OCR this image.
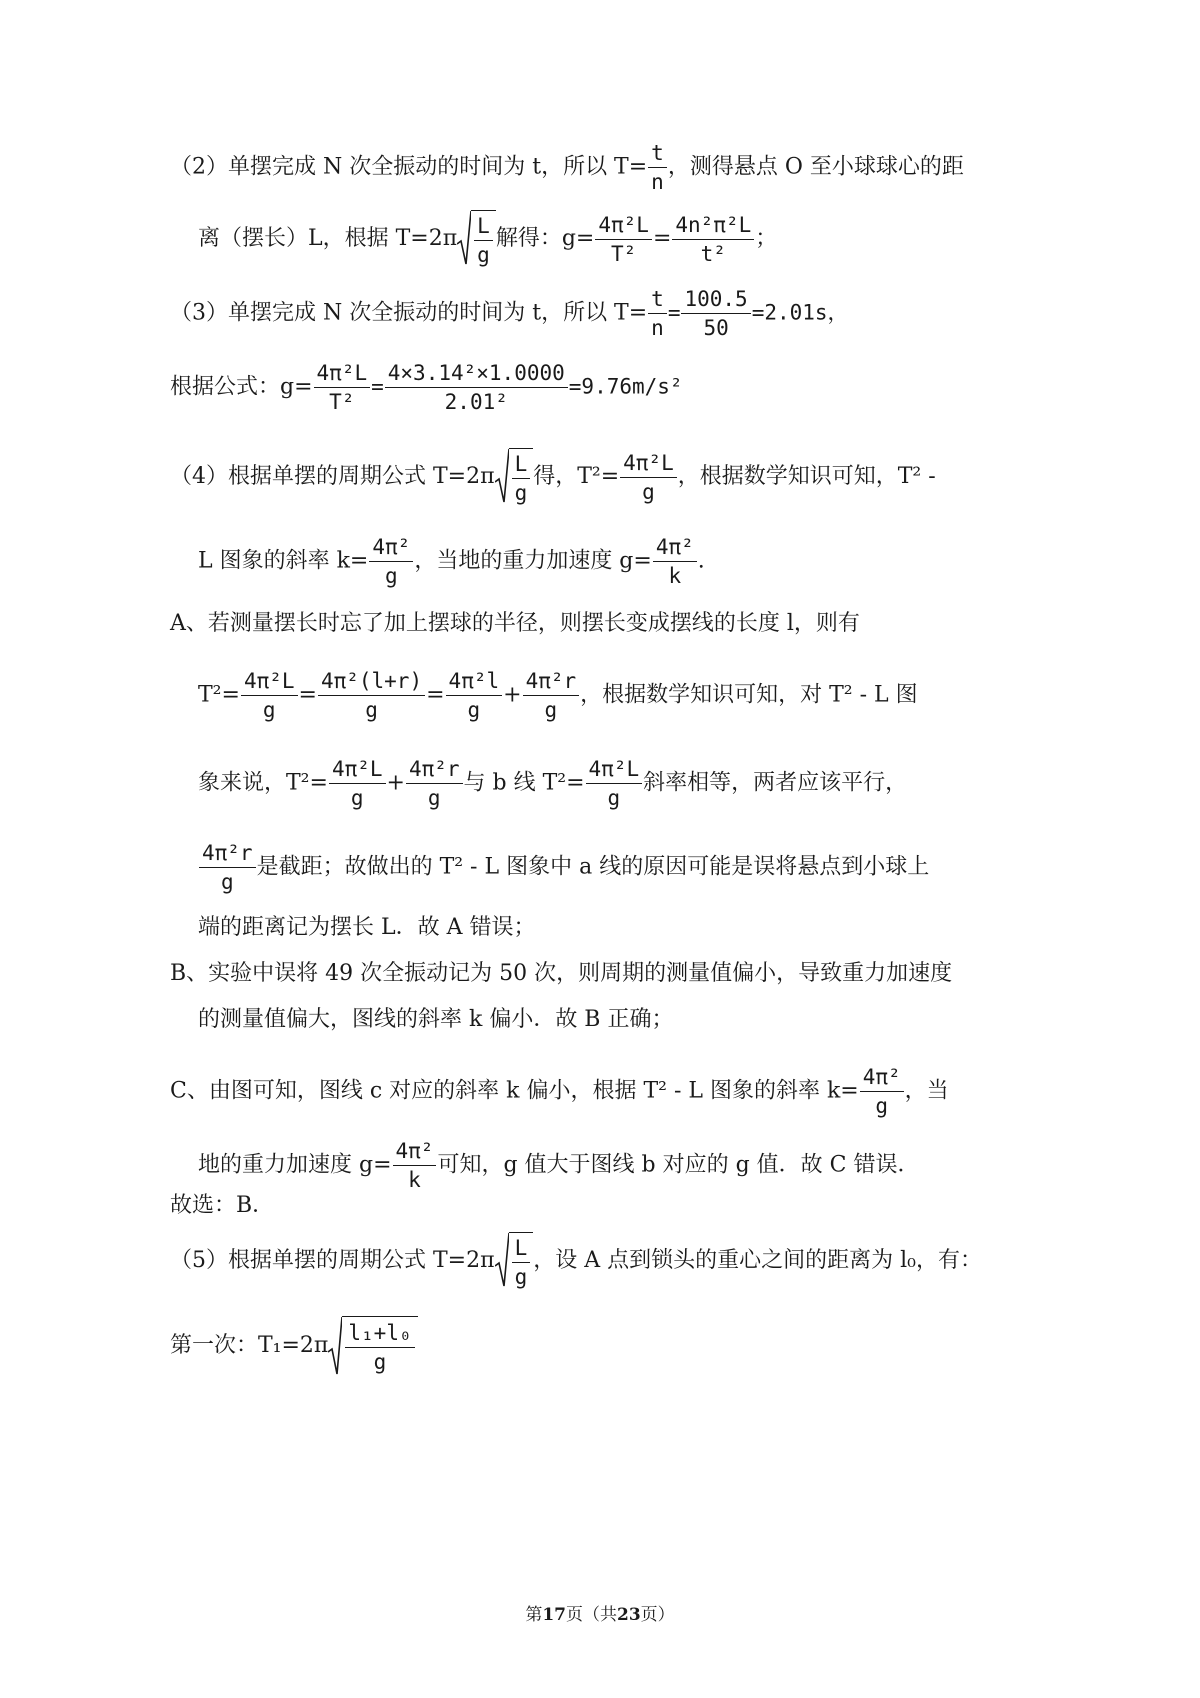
（2）单摆完成 N 次全振动的时间为 t，所以 $T= \frac{t}{n}$ ，测得悬点 O 至小球球心的距
离（摆长）L，根据 $T=2\pi \frac{L}{g}$ 解得：$g= \frac{\text{4π²L}}{\text{T²}} = \frac{\text{4n²π²L}}{\text{t²}}$ ；
（3）单摆完成 N 次全振动的时间为 t，所以 $T= \frac{t}{n} = \frac{100.5}{50} =2.01s$，
根据公式：$g= \frac{\text{4π²L}}{\text{T²}} = \frac{\text{4×3.14²×1.0000}}{\text{2.01²}} =9.76m/s^2$
（4）根据单摆的周期公式 $T=2\pi \frac{L}{g}$ 得，$T^2= \frac{\text{4π²L}}{g}$ ，根据数学知识可知，T² -
L 图象的斜率 $k= \frac{\text{4π²}}{g}$ ，当地的重力加速度 $g= \frac{\text{4π²}}{k}$ .
A、若测量摆长时忘了加上摆球的半径，则摆长变成摆线的长度 l，则有
$T^2= \frac{\text{4π²L}}{g} = \frac{\text{4π²(l+r)}}{g} = \frac{\text{4π²l}}{g} + \frac{\text{4π²r}}{g}$ ，根据数学知识可知，对 T² - L 图
象来说，$T^2= \frac{\text{4π²L}}{g} + \frac{\text{4π²r}}{g}$ 与 b 线 $T^2= \frac{\text{4π²L}}{g}$ 斜率相等，两者应该平行，
$\frac{\text{4π²r}}{g}$ 是截距；故做出的 T² - L 图象中 a 线的原因可能是误将悬点到小球上
端的距离记为摆长 L．故 A 错误；
B、实验中误将 49 次全振动记为 50 次，则周期的测量值偏小，导致重力加速度
的测量值偏大，图线的斜率 k 偏小．故 B 正确；
C、由图可知，图线 c 对应的斜率 k 偏小，根据 T² - L 图象的斜率 $k= \frac{\text{4π²}}{g}$ ，当
地的重力加速度 $g= \frac{\text{4π²}}{k}$ 可知，g 值大于图线 b 对应的 g 值．故 C 错误．
故选：B．
（5）根据单摆的周期公式 $T=2\pi \frac{L}{g}$ ，设 A 点到锁头的重心之间的距离为 l₀，有：
第一次：$T_1=2\pi \frac{\text{l₁+l₀}}{g}$
第17页（共23页）
